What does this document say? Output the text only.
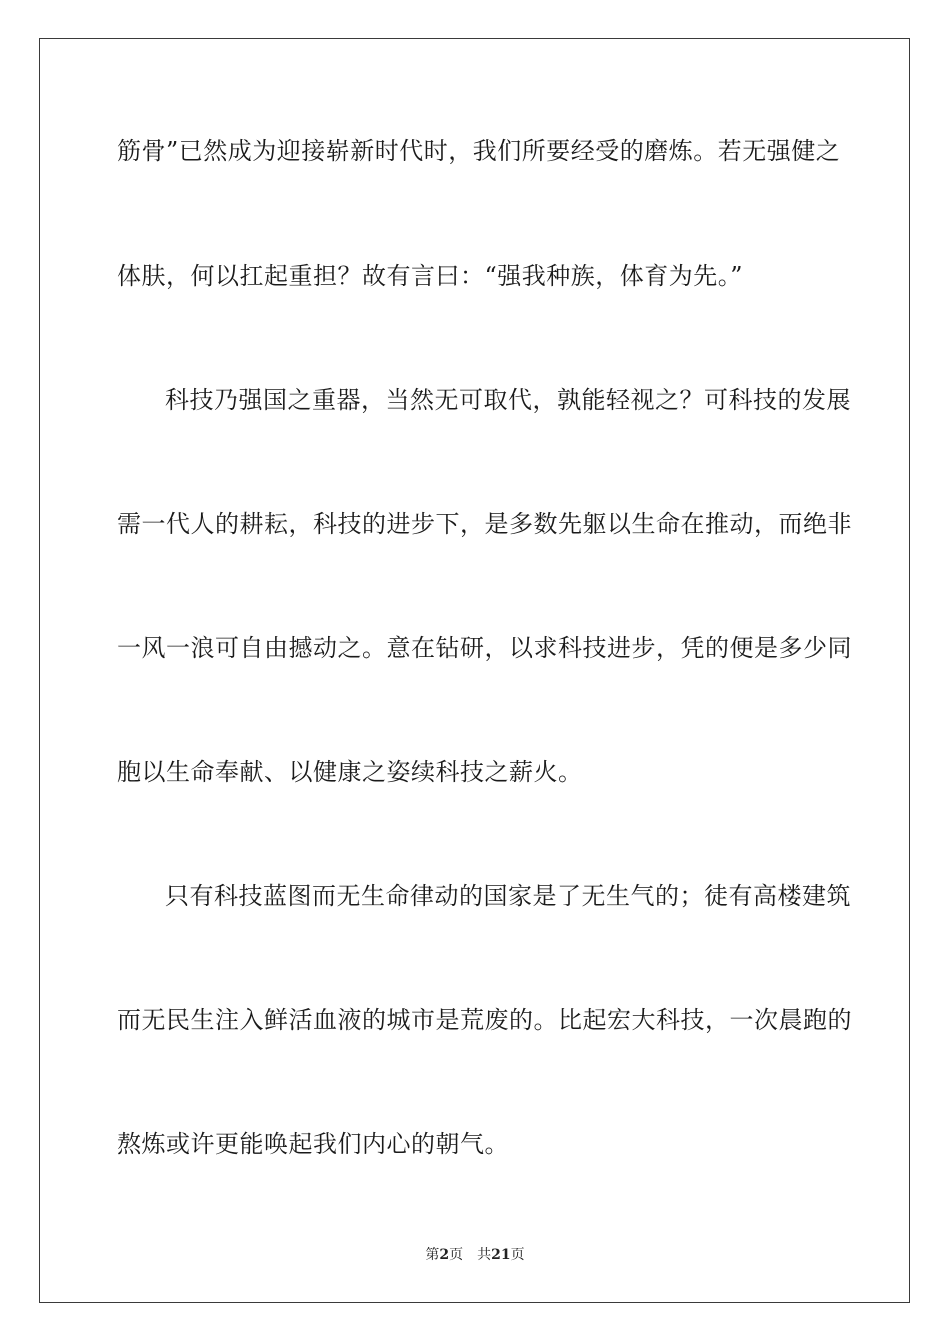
筋骨”已然成为迎接崭新时代时，我们所要经受的磨炼。若无强健之
体肤，何以扛起重担？故有言曰：“强我种族，体育为先。”
科技乃强国之重器，当然无可取代，孰能轻视之？可科技的发展
需一代人的耕耘，科技的进步下，是多数先躯以生命在推动，而绝非
一风一浪可自由撼动之。意在钻研，以求科技进步，凭的便是多少同
胞以生命奉献、以健康之姿续科技之薪火。
只有科技蓝图而无生命律动的国家是了无生气的；徒有高楼建筑
而无民生注入鲜活血液的城市是荒废的。比起宏大科技，一次晨跑的
熬炼或许更能唤起我们内心的朝气。
第2页 共21页
